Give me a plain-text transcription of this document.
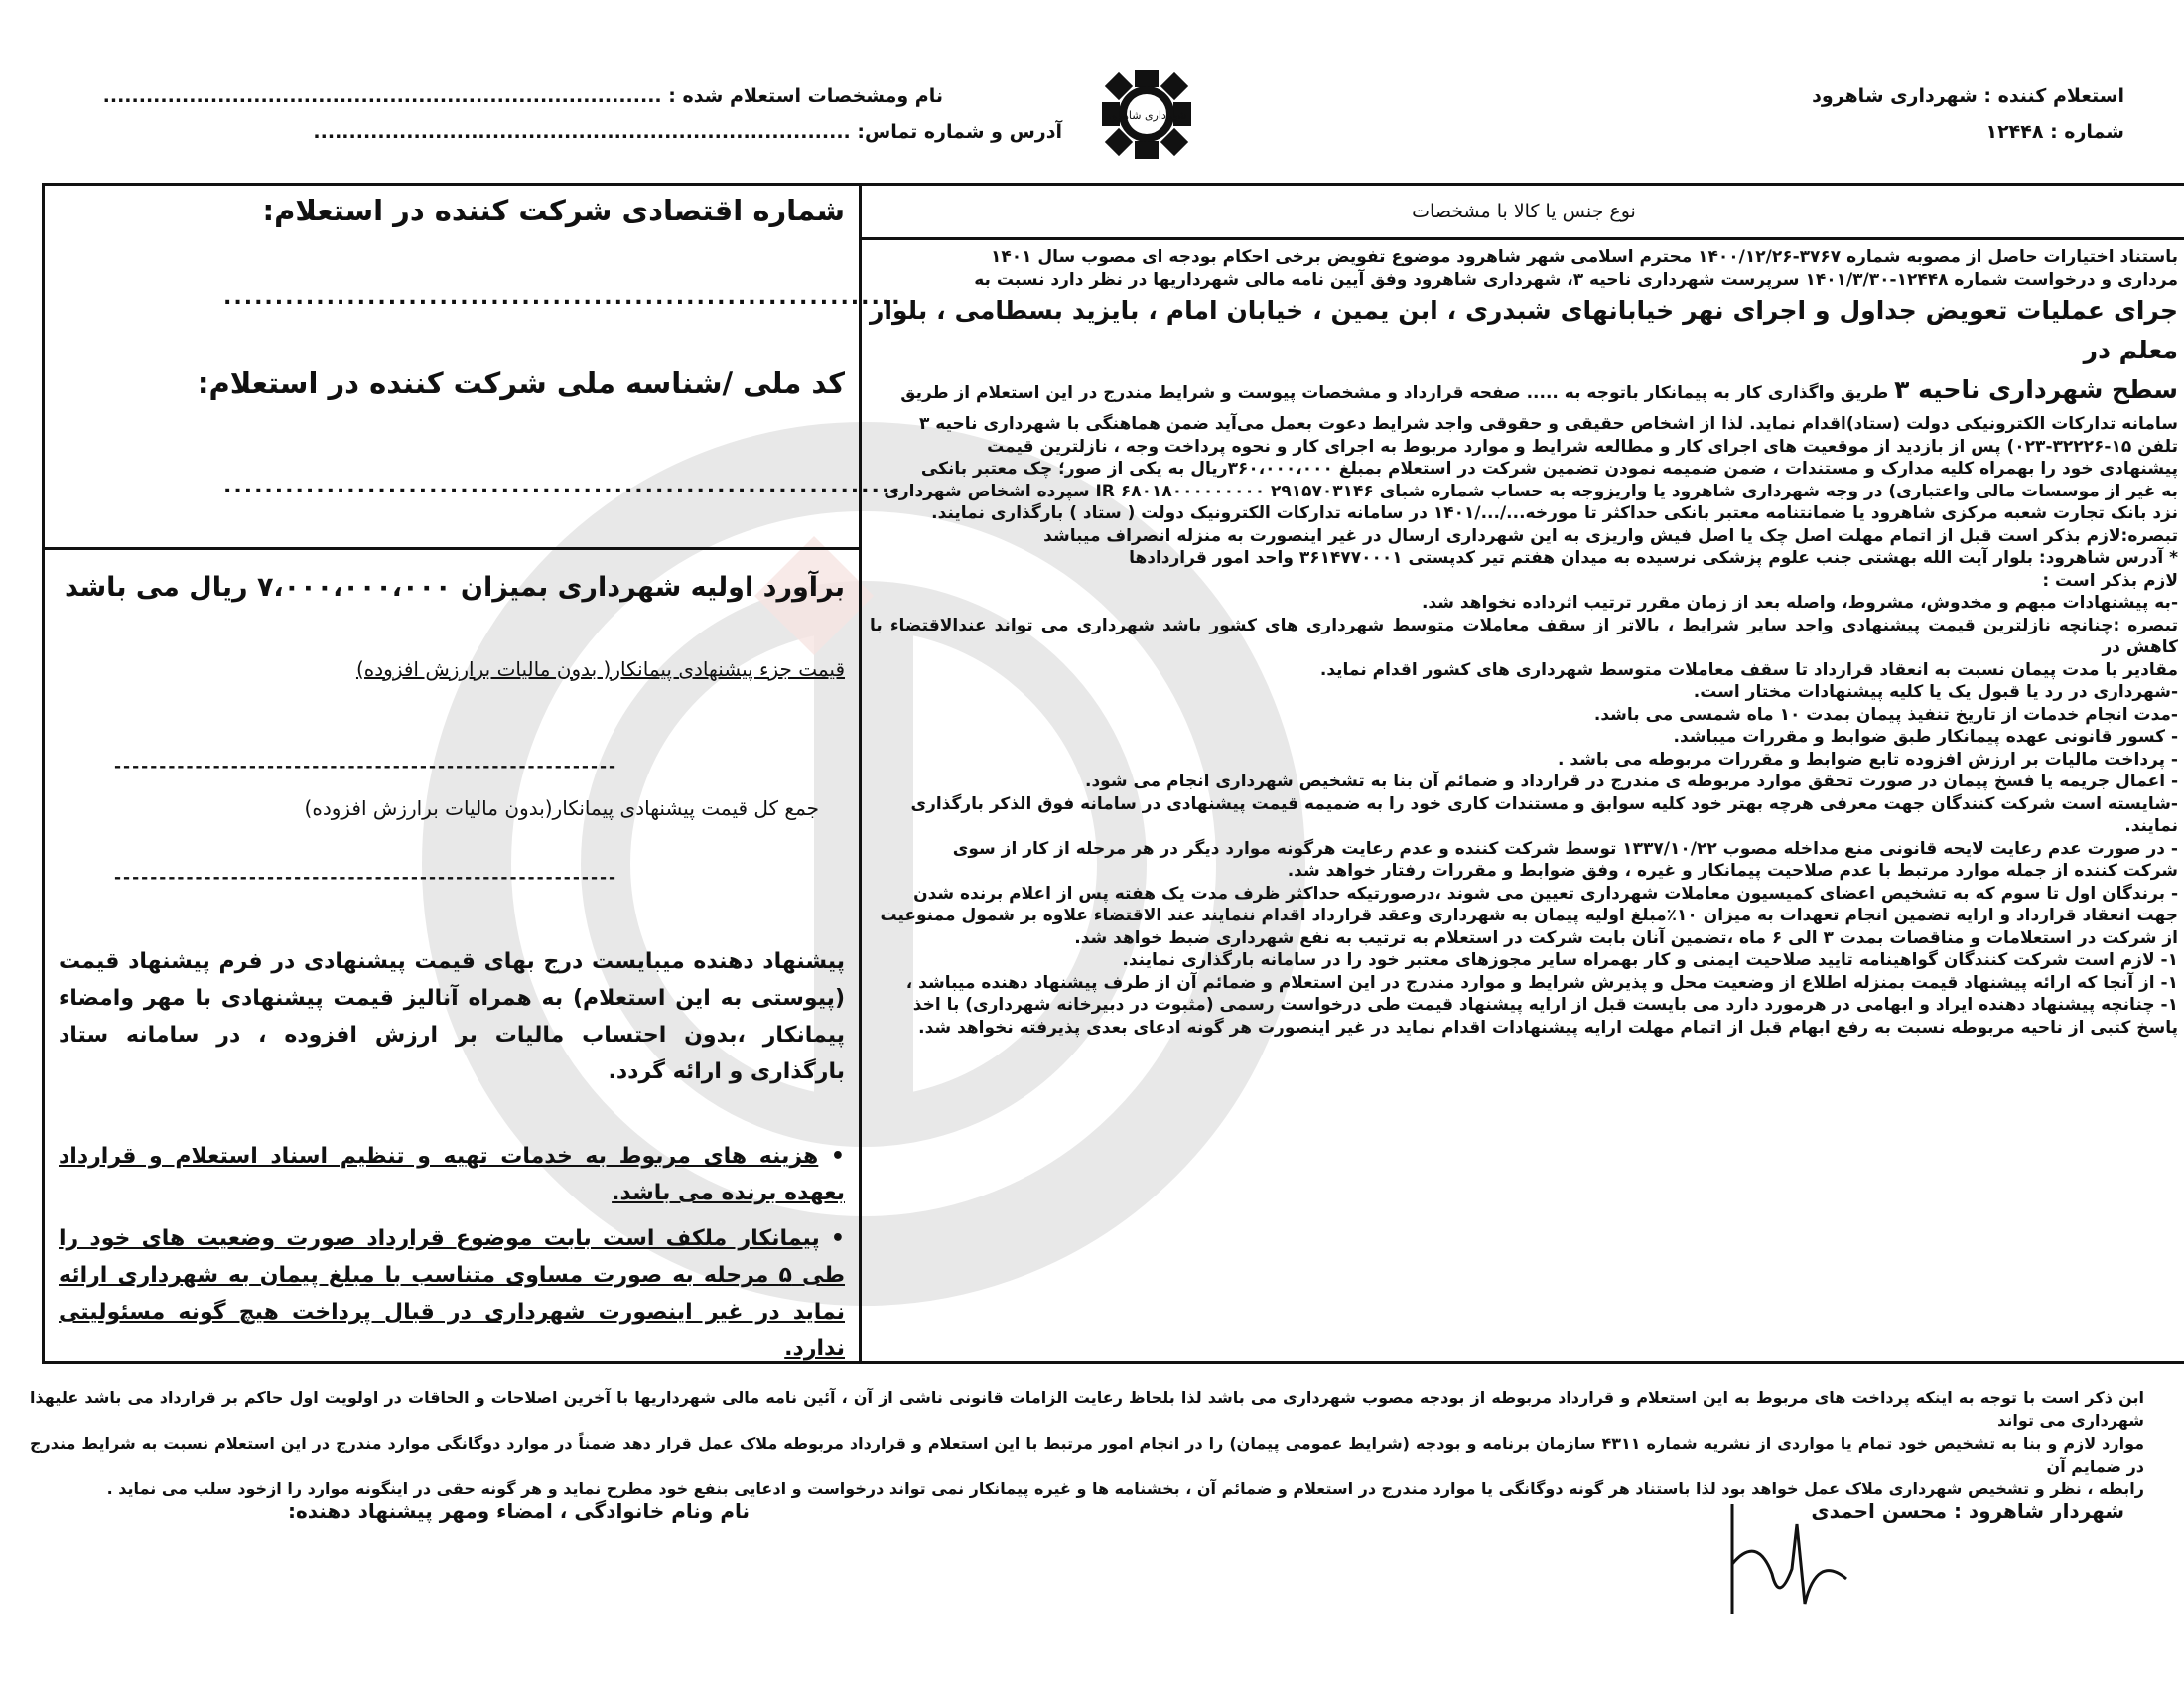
استعلام کننده : شهرداری شاهرود
شماره : ۱۲۴۴۸
شهرداری شاهرود
نام ومشخصات استعلام شده : ..............................................................................
آدرس و شماره تماس: ...........................................................................
نوع جنس یا کالا با مشخصات

باستناد اختیارات حاصل از مصوبه شماره ۳۷۶۷-۱۴۰۰/۱۲/۲۶ محترم اسلامی شهر شاهرود موضوع تفویض برخی احکام بودجه ای مصوب سال ۱۴۰۱

مرداری و درخواست شماره ۱۲۴۴۸-۱۴۰۱/۳/۳۰ سرپرست شهرداری ناحیه ۳، شهرداری شاهرود وفق آیین نامه مالی شهرداریها در نظر دارد نسبت به

جرای عملیات تعویض جداول و اجرای نهر خیابانهای شبدری ، ابن یمین ، خیابان امام ، بایزید بسطامی ، بلوار معلم در

سطح شهرداری ناحیه ۳ طریق واگذاری کار به پیمانکار باتوجه به ..... صفحه قرارداد و مشخصات پیوست و شرایط مندرج در این استعلام از طریق

سامانه تدارکات الکترونیکی دولت (ستاد)اقدام نماید. لذا از اشخاص حقیقی و حقوقی واجد شرایط دعوت بعمل می‌آید ضمن هماهنگی با شهرداری ناحیه ۳

تلفن ۱۵-۳۲۲۲۶-۰۲۳) پس از بازدید از موقعیت های اجرای کار و مطالعه شرایط و موارد مربوط به اجرای کار و نحوه پرداخت وجه ، نازلترین قیمت

پیشنهادی خود را بهمراه کلیه مدارک و مستندات ، ضمن ضمیمه نمودن تضمین شرکت در استعلام بمبلغ ۳۶۰،۰۰۰،۰۰۰ریال به یکی از صور؛ چک معتبر بانکی

به غیر از موسسات مالی واعتباری) در وجه شهرداری شاهرود یا واریزوجه به حساب شماره شبای ۲۹۱۵۷۰۳۱۴۶ ۶۸۰۱۸۰۰۰۰۰۰۰۰۰ IR سپرده اشخاص شهرداری

نزد بانک تجارت شعبه مرکزی شاهرود یا ضمانتنامه معتبر بانکی حداکثر تا مورخه.../.../۱۴۰۱ در سامانه تدارکات الکترونیک دولت ( ستاد ) بارگذاری نمایند.

تبصره:لازم بذکر است قبل از اتمام مهلت اصل چک یا اصل فیش واریزی به این شهرداری ارسال در غیر اینصورت به منزله انصراف میباشد

* آدرس شاهرود: بلوار آیت الله بهشتی جنب علوم پزشکی نرسیده به میدان هفتم تیر کدپستی ۳۶۱۴۷۷۰۰۰۱ واحد امور قراردادها

لازم بذکر است :

-به پیشنهادات مبهم و مخدوش، مشروط، واصله بعد از زمان مقرر ترتیب اثرداده نخواهد شد.

تبصره :چنانچه نازلترین قیمت پیشنهادی واجد سایر شرایط ، بالاتر از سقف معاملات متوسط شهرداری های کشور باشد شهرداری می تواند عندالاقتضاء با کاهش در

مقادیر یا مدت پیمان نسبت به انعقاد قرارداد تا سقف معاملات متوسط شهرداری های کشور اقدام نمايد.

-شهرداری در رد یا قبول یک یا کلیه پیشنهادات مختار است.

-مدت انجام خدمات از تاریخ تنفیذ پیمان بمدت ۱۰ ماه شمسی می باشد.

- کسور قانونی عهده پیمانکار طبق ضوابط و مقررات میباشد.

- پرداخت مالیات بر ارزش افزوده تابع ضوابط و مقررات مربوطه می باشد .

- اعمال جریمه یا فسخ پیمان در صورت تحقق موارد مربوطه ی مندرج در قرارداد و ضمائم آن بنا به تشخیص شهرداری انجام می شود.

-شایسته است شرکت کنندگان جهت معرفی هرچه بهتر خود کلیه سوابق و مستندات کاری خود را به ضمیمه قیمت پیشنهادی در سامانه فوق الذکر بارگذاری

نمایند.

- در صورت عدم رعایت لایحه قانونی منع مداخله مصوب ۱۳۳۷/۱۰/۲۲ توسط شرکت کننده و عدم رعایت هرگونه موارد دیگر در هر مرحله از کار از سوی

شرکت کننده از جمله موارد مرتبط با عدم صلاحیت پیمانکار و غیره ، وفق ضوابط و مقررات رفتار خواهد شد.

- برندگان اول تا سوم که به تشخیص اعضای کمیسیون معاملات شهرداری تعیین می شوند ،درصورتیکه حداکثر ظرف مدت یک هفته پس از اعلام برنده شدن

جهت انعقاد قرارداد و ارایه تضمین انجام تعهدات به میزان ۱۰٪مبلغ اولیه پیمان به شهرداری وعقد قرارداد اقدام ننمایند عند الاقتضاء علاوه بر شمول ممنوعیت

از شرکت در استعلامات و مناقصات بمدت ۳ الی ۶ ماه ،تضمین آنان بابت شرکت در استعلام به ترتیب به نفع شهرداری ضبط خواهد شد.

۱- لازم است شرکت کنندگان گواهینامه تایید صلاحیت ایمنی و کار بهمراه سایر مجوزهای معتبر خود را در سامانه بارگذاری نمایند.

۱- از آنجا که ارائه پیشنهاد قیمت بمنزله اطلاع از وضعیت محل و پذیرش شرایط و موارد مندرج در این استعلام و ضمائم آن از طرف پیشنهاد دهنده میباشد ،

۱- چنانچه پیشنهاد دهنده ایراد و ابهامی در هرمورد دارد می بایست قبل از ارایه پیشنهاد قیمت طی درخواست رسمی (مثبوت در دبیرخانه شهرداری) با اخذ

پاسخ کتبی از ناحیه مربوطه نسبت به رفع ابهام قبل از اتمام مهلت ارایه پیشنهادات اقدام نماید در غیر اینصورت هر گونه ادعای بعدی پذیرفته نخواهد شد.

شماره اقتصادی شرکت کننده در استعلام:
..................................................................
کد ملی /شناسه ملی شرکت کننده در استعلام:
..................................................................
برآورد اولیه شهرداری بمیزان ۷،۰۰۰،۰۰۰،۰۰۰ ریال می باشد
قیمت جزء پیشنهادی پیمانکار( بدون مالیات برارزش افزوده)
--------------------------------------------------------
جمع کل قیمت پیشنهادی پیمانکار(بدون مالیات برارزش افزوده)
--------------------------------------------------------
پیشنهاد دهنده میبایست درج بهای قیمت پیشنهادی در فرم پیشنهاد قیمت (پیوستی به این استعلام) به همراه آنالیز قیمت پیشنهادی با مهر وامضاء پیمانکار ،بدون احتساب مالیات بر ارزش افزوده ، در سامانه ستاد بارگذاری و ارائه گردد.
• هزینه های مربوط به خدمات تهیه و تنظیم اسناد استعلام و قرارداد بعهده برنده می باشد.
• پیمانکار ملکف است بابت موضوع قرارداد صورت وضعیت های خود را طی ۵ مرحله به صورت مساوی متناسب با مبلغ پیمان به شهرداری ارائه نماید در غیر اینصورت شهرداری در قبال پرداخت هیچ گونه مسئولیتی ندارد.
ابن ذکر است با توجه به اینکه پرداخت های مربوط به این استعلام و قرارداد مربوطه از بودجه مصوب شهرداری می باشد لذا بلحاظ رعایت الزامات قانونی ناشی از آن ، آئین نامه مالی شهرداریها با آخرین اصلاحات و الحاقات در اولویت اول حاکم بر قرارداد می باشد علیهذا شهرداری می تواند
موارد لازم و بنا به تشخیص خود تمام یا مواردی از نشریه شماره ۴۳۱۱ سازمان برنامه و بودجه (شرایط عمومی پیمان) را در انجام امور مرتبط با این استعلام و قرارداد مربوطه ملاک عمل قرار دهد ضمناً در موارد دوگانگی موارد مندرج در این استعلام نسبت به شرایط مندرج در ضمایم آن
رابطه ، نظر و تشخیص شهرداری ملاک عمل خواهد بود لذا باستناد هر گونه دوگانگی یا موارد مندرج در استعلام و ضمائم آن ، بخشنامه ها و غیره پیمانکار نمی تواند درخواست و ادعایی بنفع خود مطرح نماید و هر گونه حقی در اینگونه موارد را ازخود سلب می نماید .
شهردار شاهرود : محسن احمدی
نام ونام خانوادگی ، امضاء ومهر پیشنهاد دهنده:
